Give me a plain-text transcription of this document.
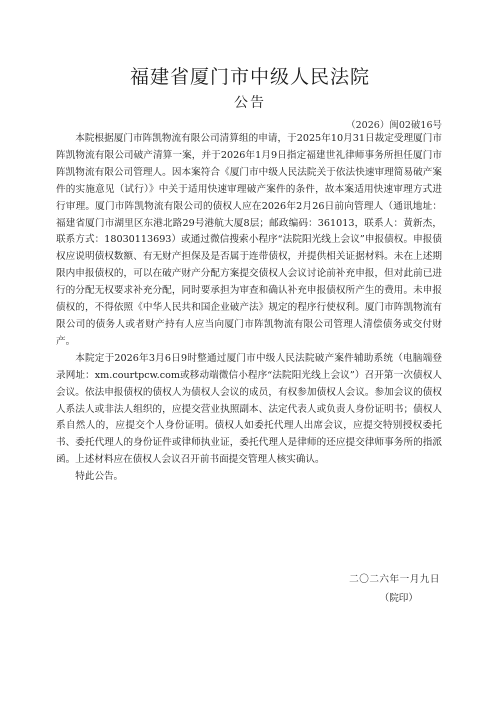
福建省厦门市中级人民法院
公告
（2026）闽02破16号

本院根据厦门市阵凯物流有限公司清算组的申请，于2025年10月31日裁定受理厦门市阵凯物流有限公司破产清算一案，并于2026年1月9日指定福建世礼律师事务所担任厦门市阵凯物流有限公司管理人。因本案符合《厦门市中级人民法院关于依法快速审理简易破产案件的实施意见（试行）》中关于适用快速审理破产案件的条件，故本案适用快速审理方式进行审理。厦门市阵凯物流有限公司的债权人应在2026年2月26日前向管理人（通讯地址：福建省厦门市湖里区东港北路29号港航大厦8层；邮政编码：361013，联系人：黄新杰，联系方式：18030113693）或通过微信搜索小程序“法院阳光线上会议”申报债权。申报债权应说明债权数额、有无财产担保及是否属于连带债权，并提供相关证据材料。未在上述期限内申报债权的，可以在破产财产分配方案提交债权人会议讨论前补充申报，但对此前已进行的分配无权要求补充分配，同时要承担为审查和确认补充申报债权所产生的费用。未申报债权的，不得依照《中华人民共和国企业破产法》规定的程序行使权利。厦门市阵凯物流有限公司的债务人或者财产持有人应当向厦门市阵凯物流有限公司管理人清偿债务或交付财产。

本院定于2026年3月6日9时整通过厦门市中级人民法院破产案件辅助系统（电脑端登录网址：xm.courtpcw.com或移动端微信小程序“法院阳光线上会议”）召开第一次债权人会议。依法申报债权的债权人为债权人会议的成员，有权参加债权人会议。参加会议的债权人系法人或非法人组织的，应提交营业执照副本、法定代表人或负责人身份证明书；债权人系自然人的，应提交个人身份证明。债权人如委托代理人出席会议，应提交特别授权委托书、委托代理人的身份证件或律师执业证，委托代理人是律师的还应提交律师事务所的指派函。上述材料应在债权人会议召开前书面提交管理人核实确认。

特此公告。

二〇二六年一月九日
（院印）
